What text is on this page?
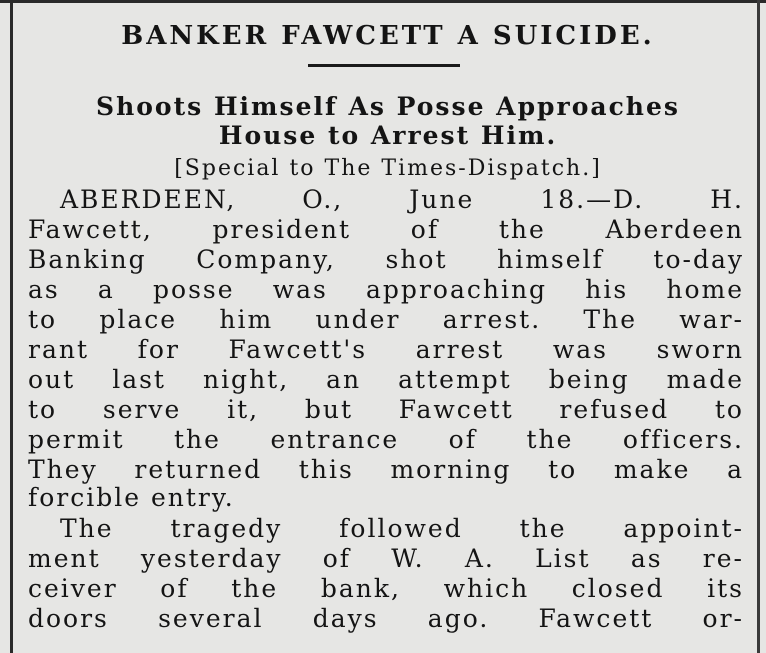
BANKER FAWCETT A SUICIDE.
Shoots Himself As Posse Approaches
House to Arrest Him.
[Special to The Times-Dispatch.]
ABERDEEN, O., June 18.—D. H.
Fawcett, president of the Aberdeen
Banking Company, shot himself to-day
as a posse was approaching his home
to place him under arrest. The war-
rant for Fawcett's arrest was sworn
out last night, an attempt being made
to serve it, but Fawcett refused to
permit the entrance of the officers.
They returned this morning to make a
forcible entry.
The tragedy followed the appoint-
ment yesterday of W. A. List as re-
ceiver of the bank, which closed its
doors several days ago. Fawcett or-
